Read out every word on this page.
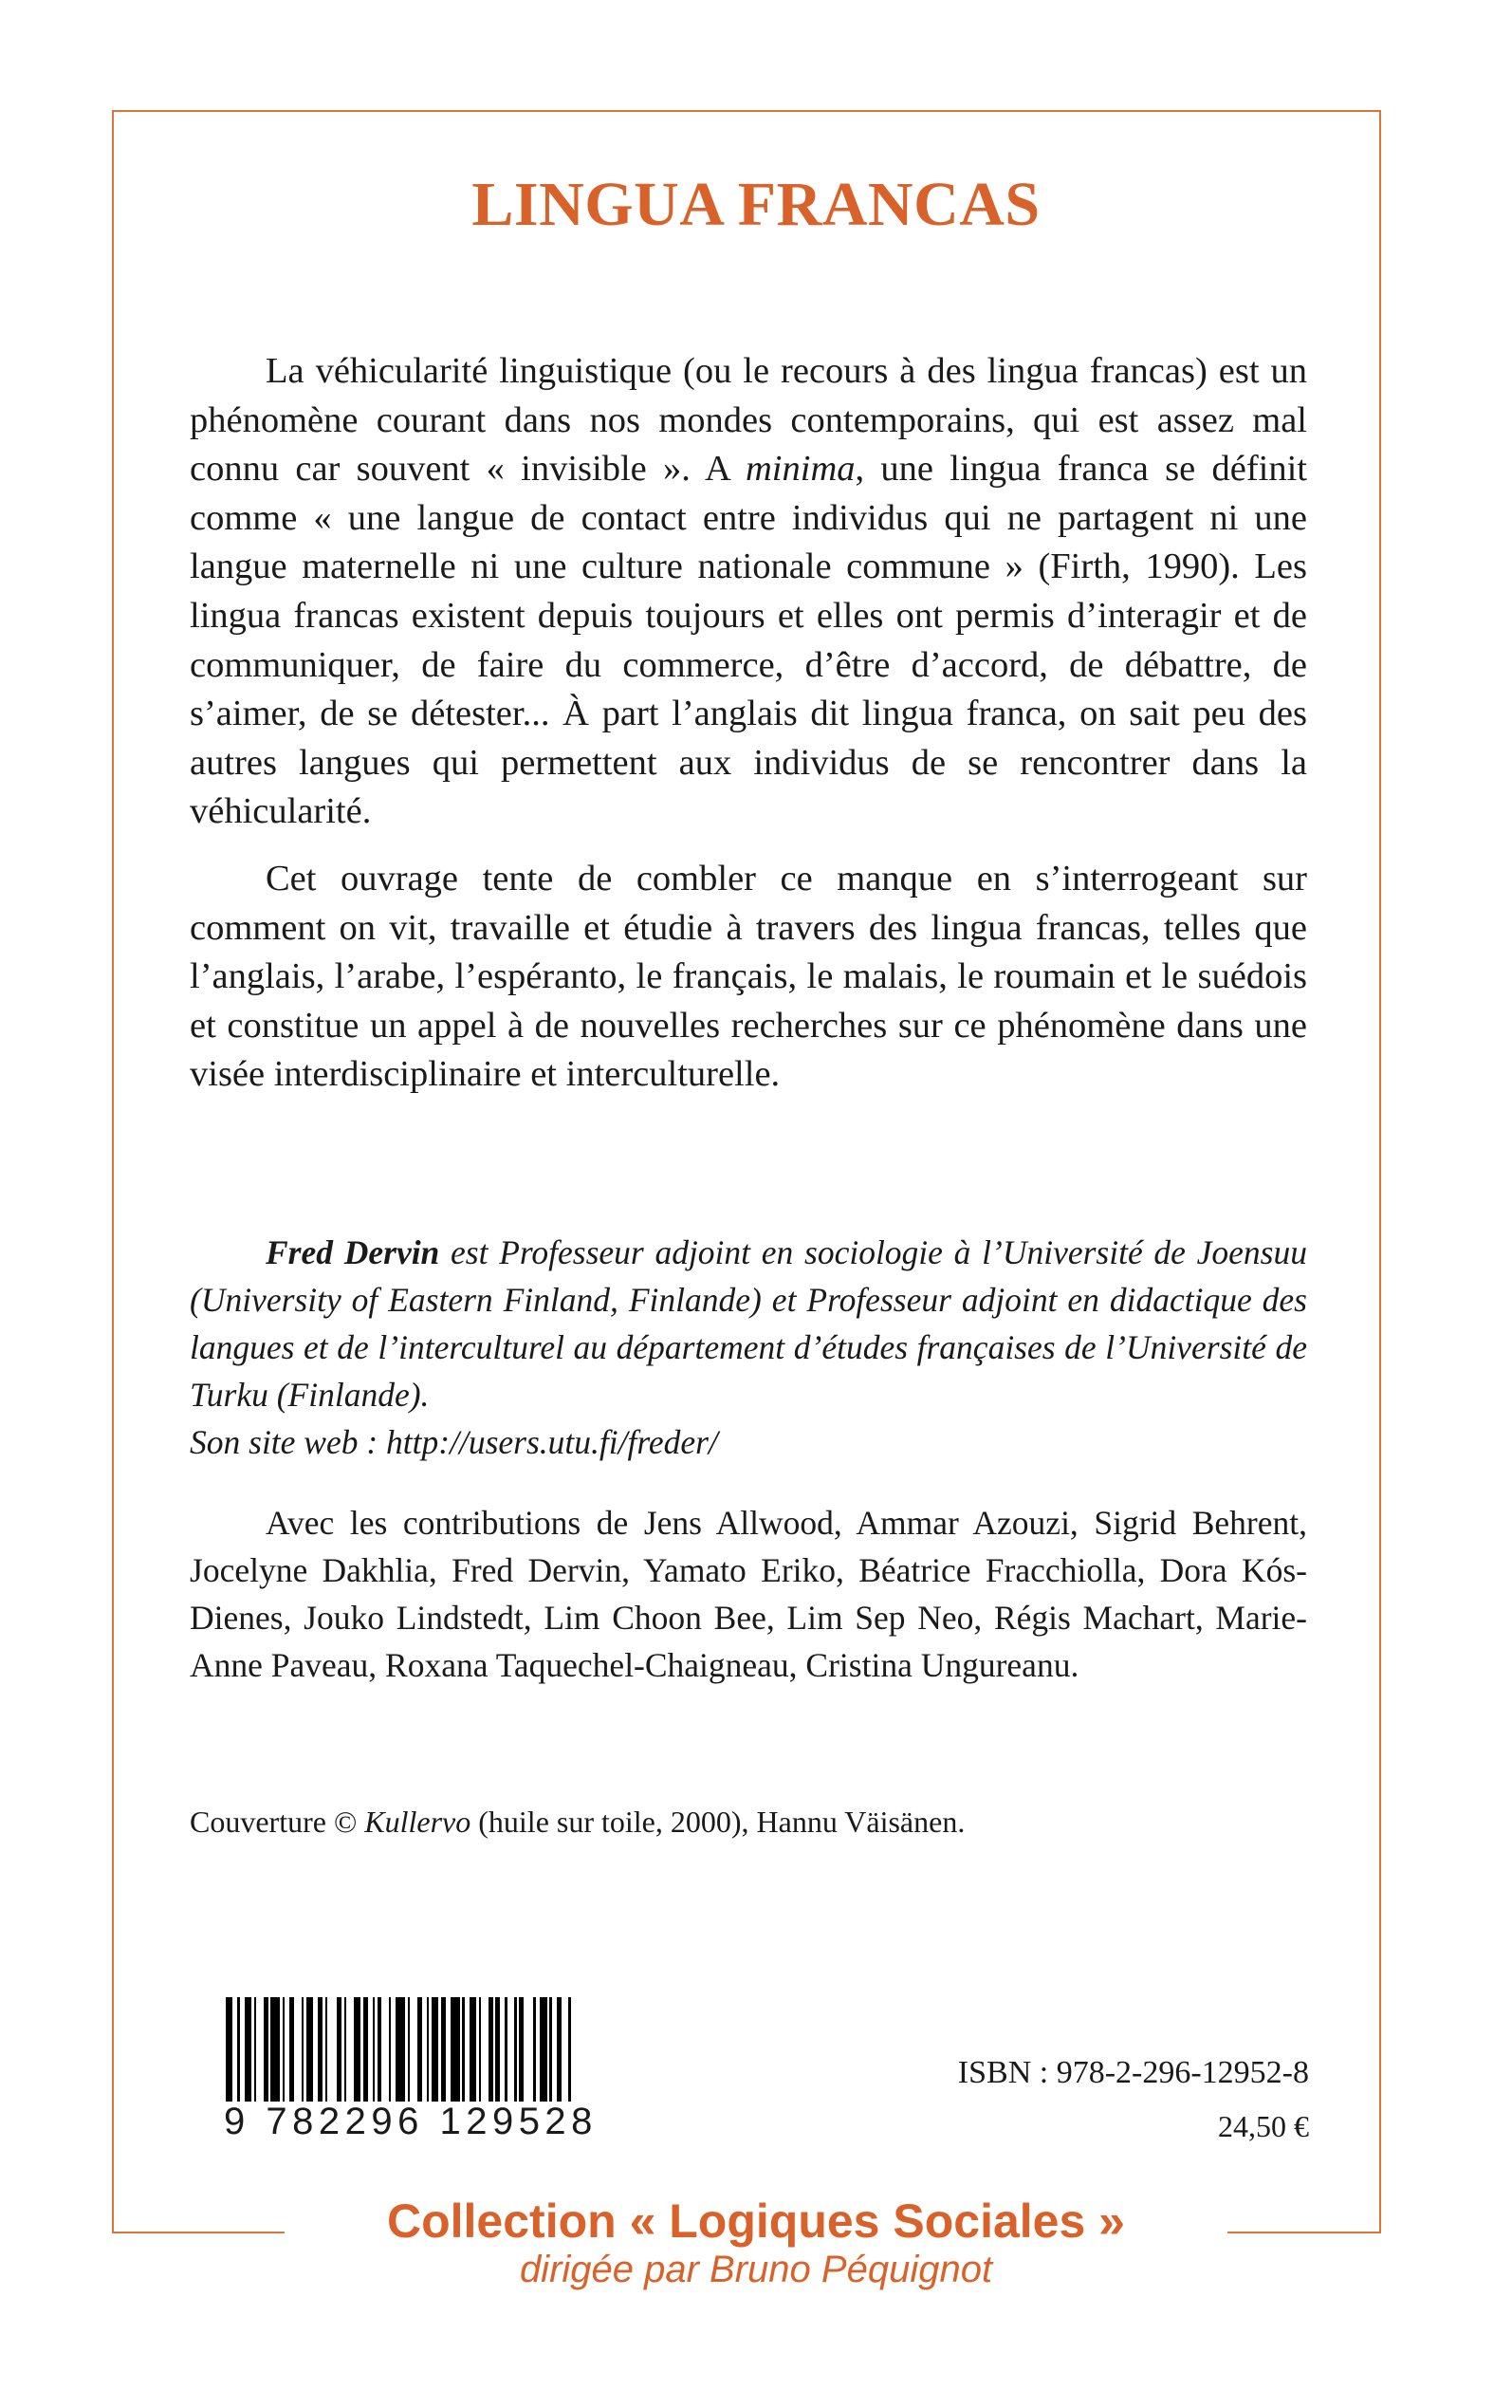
LINGUA FRANCAS

La véhicularité linguistique (ou le recours à des lingua francas) est un phénomène courant dans nos mondes contemporains, qui est assez mal connu car souvent « invisible ». A minima, une lingua franca se définit comme « une langue de contact entre individus qui ne partagent ni une langue maternelle ni une culture nationale commune » (Firth, 1990). Les lingua francas existent depuis toujours et elles ont permis d’interagir et de communiquer, de faire du commerce, d’être d’accord, de débattre, de s’aimer, de se détester... À part l’anglais dit lingua franca, on sait peu des autres langues qui permettent aux individus de se rencontrer dans la véhicularité.

Cet ouvrage tente de combler ce manque en s’interrogeant sur comment on vit, travaille et étudie à travers des lingua francas, telles que l’anglais, l’arabe, l’espéranto, le français, le malais, le roumain et le suédois et constitue un appel à de nouvelles recherches sur ce phénomène dans une visée interdisciplinaire et interculturelle.

Fred Dervin est Professeur adjoint en sociologie à l’Université de Joensuu (University of Eastern Finland, Finlande) et Professeur adjoint en didactique des langues et de l’interculturel au département d’études françaises de l’Université de Turku (Finlande).

Son site web : http://users.utu.fi/freder/

Avec les contributions de Jens Allwood, Ammar Azouzi, Sigrid Behrent, Jocelyne Dakhlia, Fred Dervin, Yamato Eriko, Béatrice Fracchiolla, Dora Kós-Dienes, Jouko Lindstedt, Lim Choon Bee, Lim Sep Neo, Régis Machart, Marie-Anne Paveau, Roxana Taquechel-Chaigneau, Cristina Ungureanu.

Couverture © Kullervo (huile sur toile, 2000), Hannu Väisänen.

9 782296 129528
ISBN : 978-2-296-12952-8
24,50 €

Collection « Logiques Sociales »

dirigée par Bruno Péquignot
